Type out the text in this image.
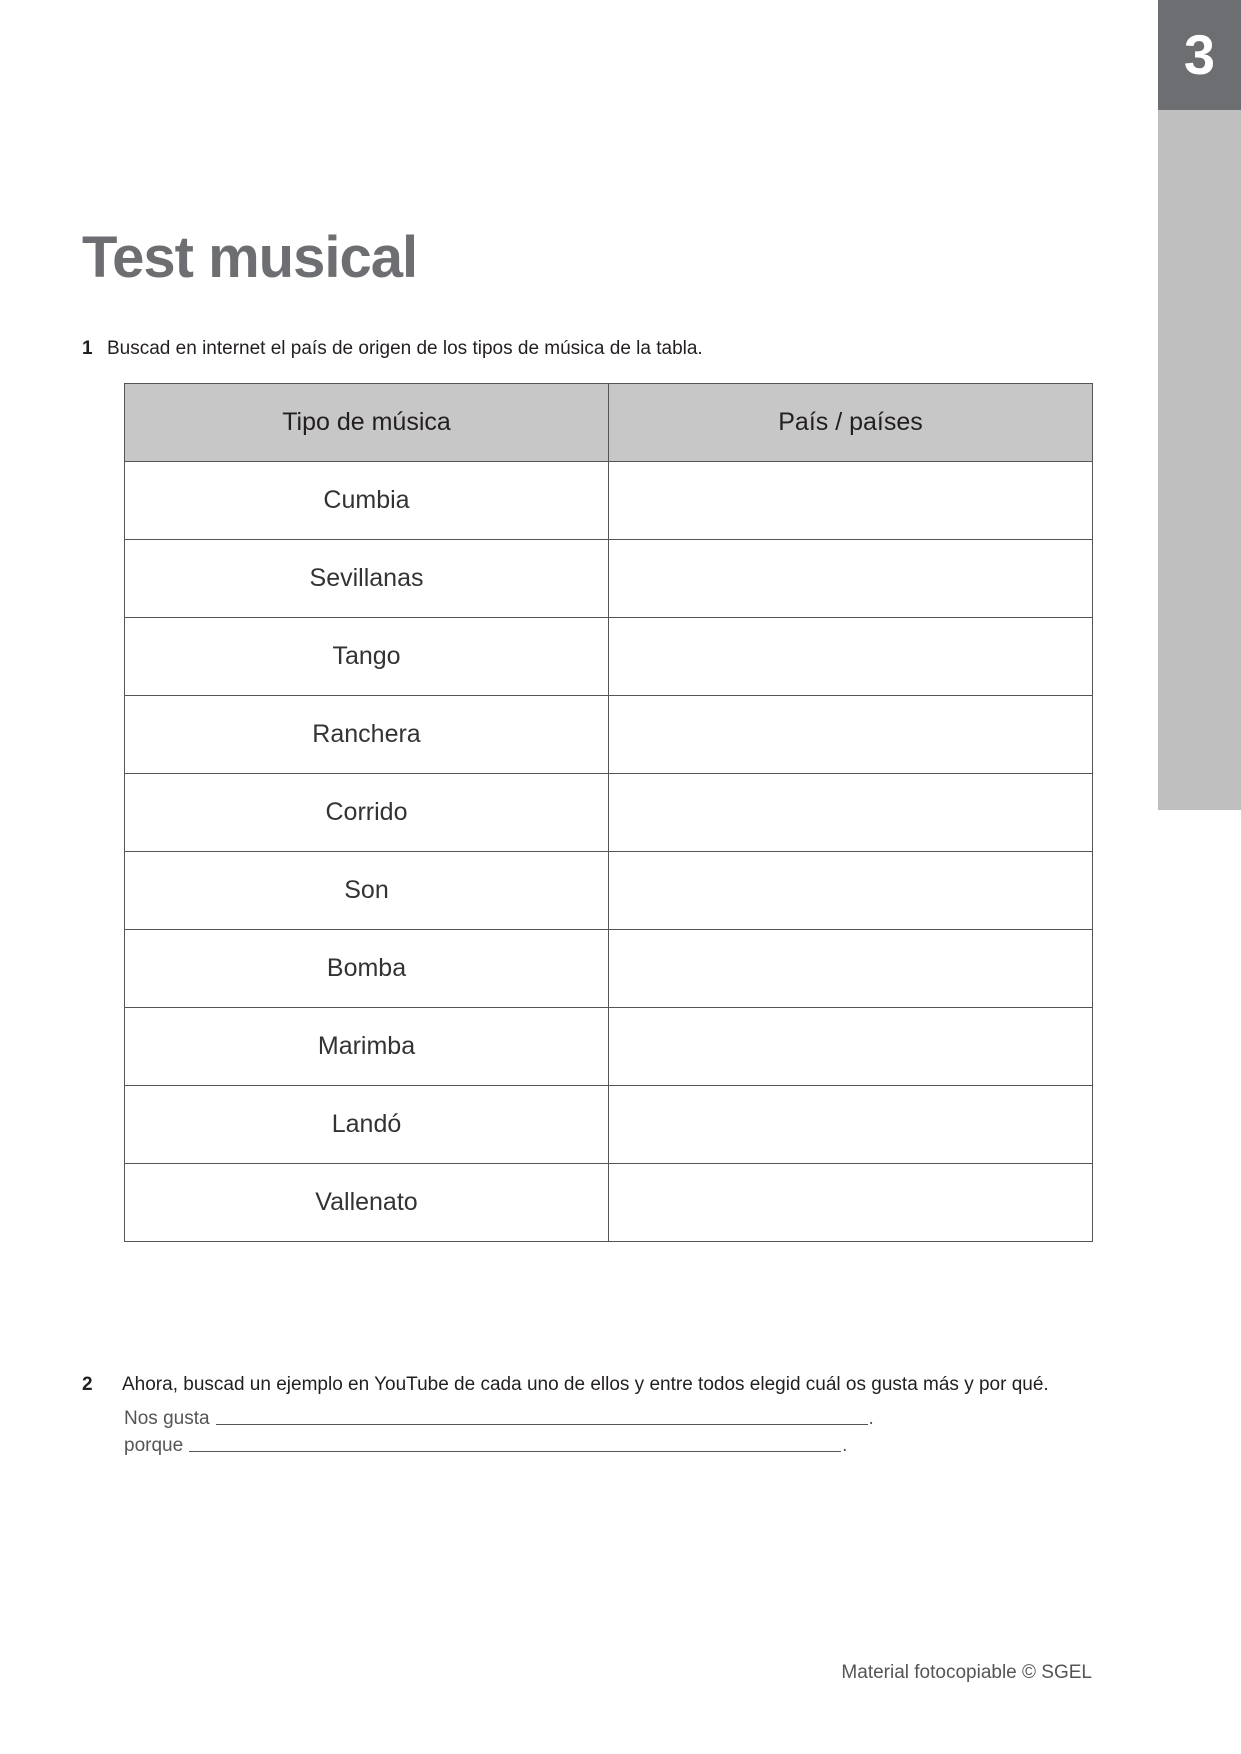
3
Test musical
1 Buscad en internet el país de origen de los tipos de música de la tabla.
Tipo de música	País / países
Cumbia	
Sevillanas	
Tango	
Ranchera	
Corrido	
Son	
Bomba	
Marimba	
Landó	
Vallenato	
2 Ahora, buscad un ejemplo en YouTube de cada uno de ellos y entre todos elegid cuál os gusta más y por qué.
Nos gusta	.
porque	.
Material fotocopiable © SGEL
